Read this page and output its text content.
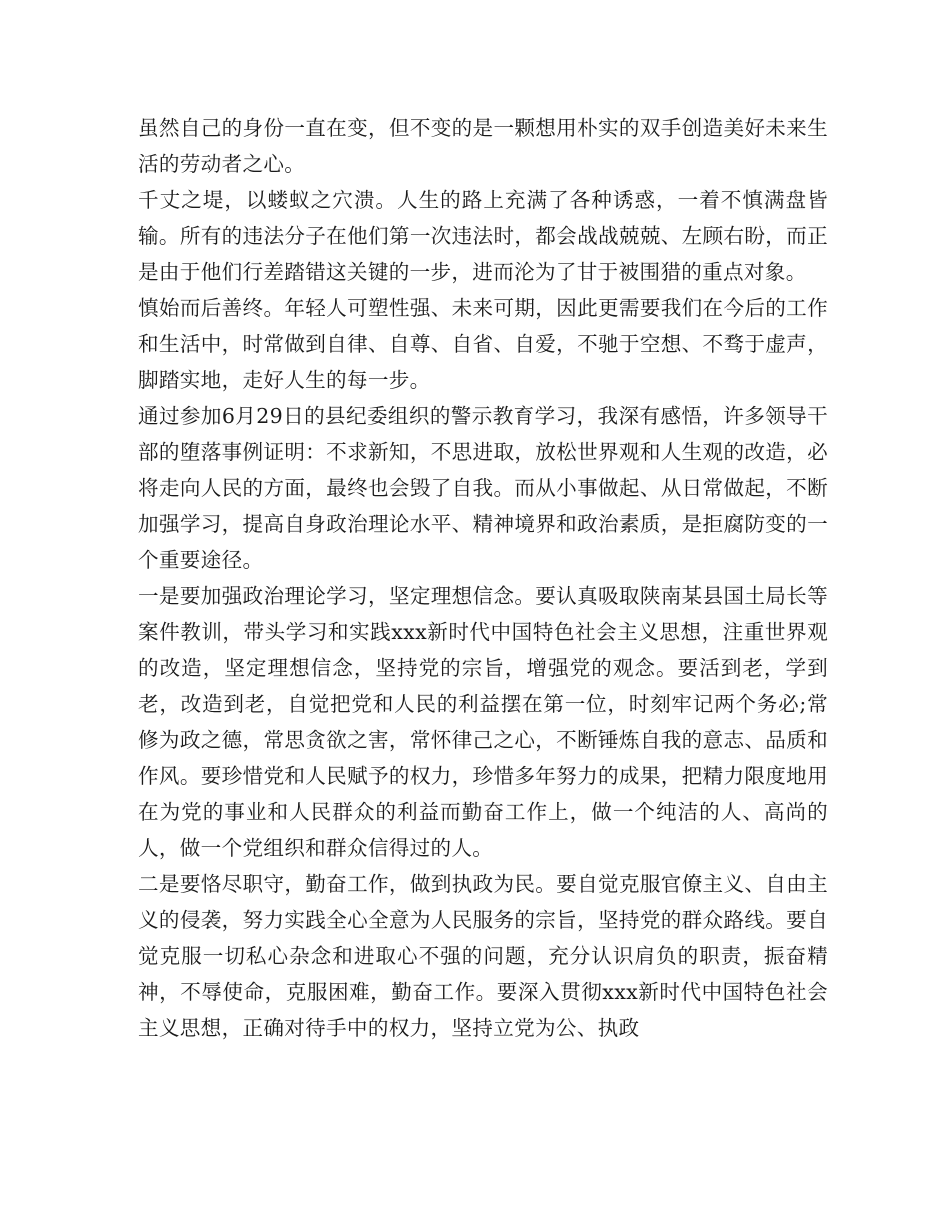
虽然自己的身份一直在变，但不变的是一颗想用朴实的双手创造美好未来生活的劳动者之心。

千丈之堤，以蝼蚁之穴溃。人生的路上充满了各种诱惑，一着不慎满盘皆输。所有的违法分子在他们第一次违法时，都会战战兢兢、左顾右盼，而正是由于他们行差踏错这关键的一步，进而沦为了甘于被围猎的重点对象。

慎始而后善终。年轻人可塑性强、未来可期，因此更需要我们在今后的工作和生活中，时常做到自律、自尊、自省、自爱，不驰于空想、不骛于虚声，脚踏实地，走好人生的每一步。

通过参加6月29日的县纪委组织的警示教育学习，我深有感悟，许多领导干部的堕落事例证明：不求新知，不思进取，放松世界观和人生观的改造，必将走向人民的方面，最终也会毁了自我。而从小事做起、从日常做起，不断加强学习，提高自身政治理论水平、精神境界和政治素质，是拒腐防变的一个重要途径。

一是要加强政治理论学习，坚定理想信念。要认真吸取陕南某县国土局长等案件教训，带头学习和实践xxx新时代中国特色社会主义思想，注重世界观的改造，坚定理想信念，坚持党的宗旨，增强党的观念。要活到老，学到老，改造到老，自觉把党和人民的利益摆在第一位，时刻牢记两个务必;常修为政之德，常思贪欲之害，常怀律己之心，不断锤炼自我的意志、品质和作风。要珍惜党和人民赋予的权力，珍惜多年努力的成果，把精力限度地用在为党的事业和人民群众的利益而勤奋工作上，做一个纯洁的人、高尚的人，做一个党组织和群众信得过的人。

二是要恪尽职守，勤奋工作，做到执政为民。要自觉克服官僚主义、自由主义的侵袭，努力实践全心全意为人民服务的宗旨，坚持党的群众路线。要自觉克服一切私心杂念和进取心不强的问题，充分认识肩负的职责，振奋精神，不辱使命，克服困难，勤奋工作。要深入贯彻xxx新时代中国特色社会主义思想，正确对待手中的权力，坚持立党为公、执政
